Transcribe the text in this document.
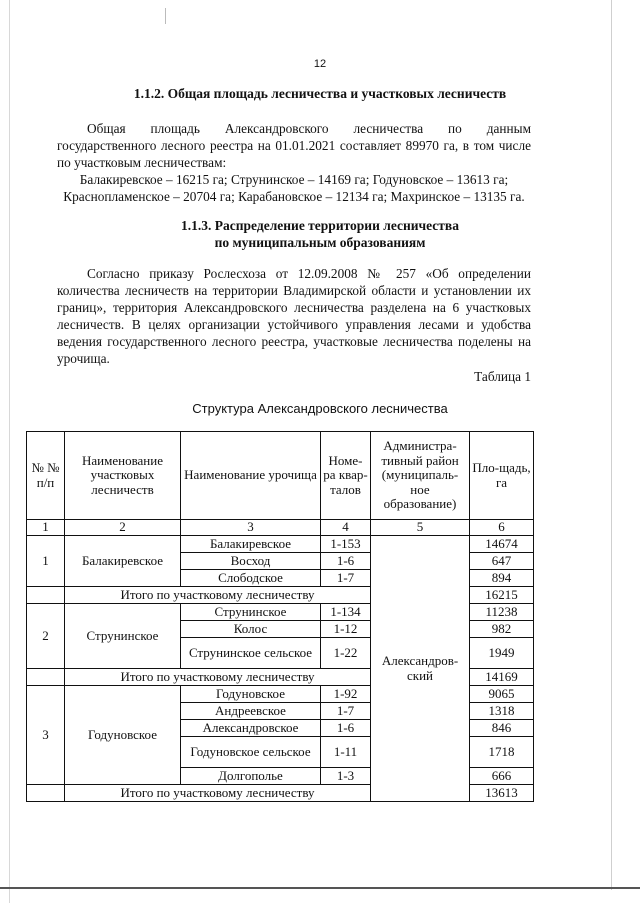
12
1.1.2. Общая площадь лесничества и участковых лесничеств
Общая площадь Александровского лесничества по данным
государственного лесного реестра на 01.01.2021 составляет 89970 га, в том числе
по участковым лесничествам:
Балакиревское – 16215 га; Струнинское – 14169 га; Годуновское – 13613 га;
Краснопламенское – 20704 га; Карабановское – 12134 га; Махринское – 13135 га.
1.1.3. Распределение территории лесничества
по муниципальным образованиям
Согласно приказу Рослесхоза от 12.09.2008 № 257 «Об определении количества лесничеств на территории Владимирской области и установлении их границ», территория Александровского лесничества разделена на 6 участковых лесничеств. В целях организации устойчивого управления лесами и удобства ведения государственного лесного реестра, участковые лесничества поделены на урочища.
Таблица 1
Структура Александровского лесничества
№ № п/п	Наименование участковых лесничеств	Наименование урочища	Номе-ра квар-талов	Администра-тивный район (муниципаль-ное образование)	Пло-щадь, га
1	2	3	4	5	6
1	Балакиревское	Балакиревское	1-153	Александров-ский	14674
		Восход	1-6		647
		Слободское	1-7		894
	Итого по участковому лесничеству				16215
2	Струнинское	Струнинское	1-134		11238
		Колос	1-12		982
		Струнинское сельское	1-22		1949
	Итого по участковому лесничеству				14169
3	Годуновское	Годуновское	1-92		9065
		Андреевское	1-7		1318
		Александровское	1-6		846
		Годуновское сельское	1-11		1718
		Долгополье	1-3		666
	Итого по участковому лесничеству				13613
